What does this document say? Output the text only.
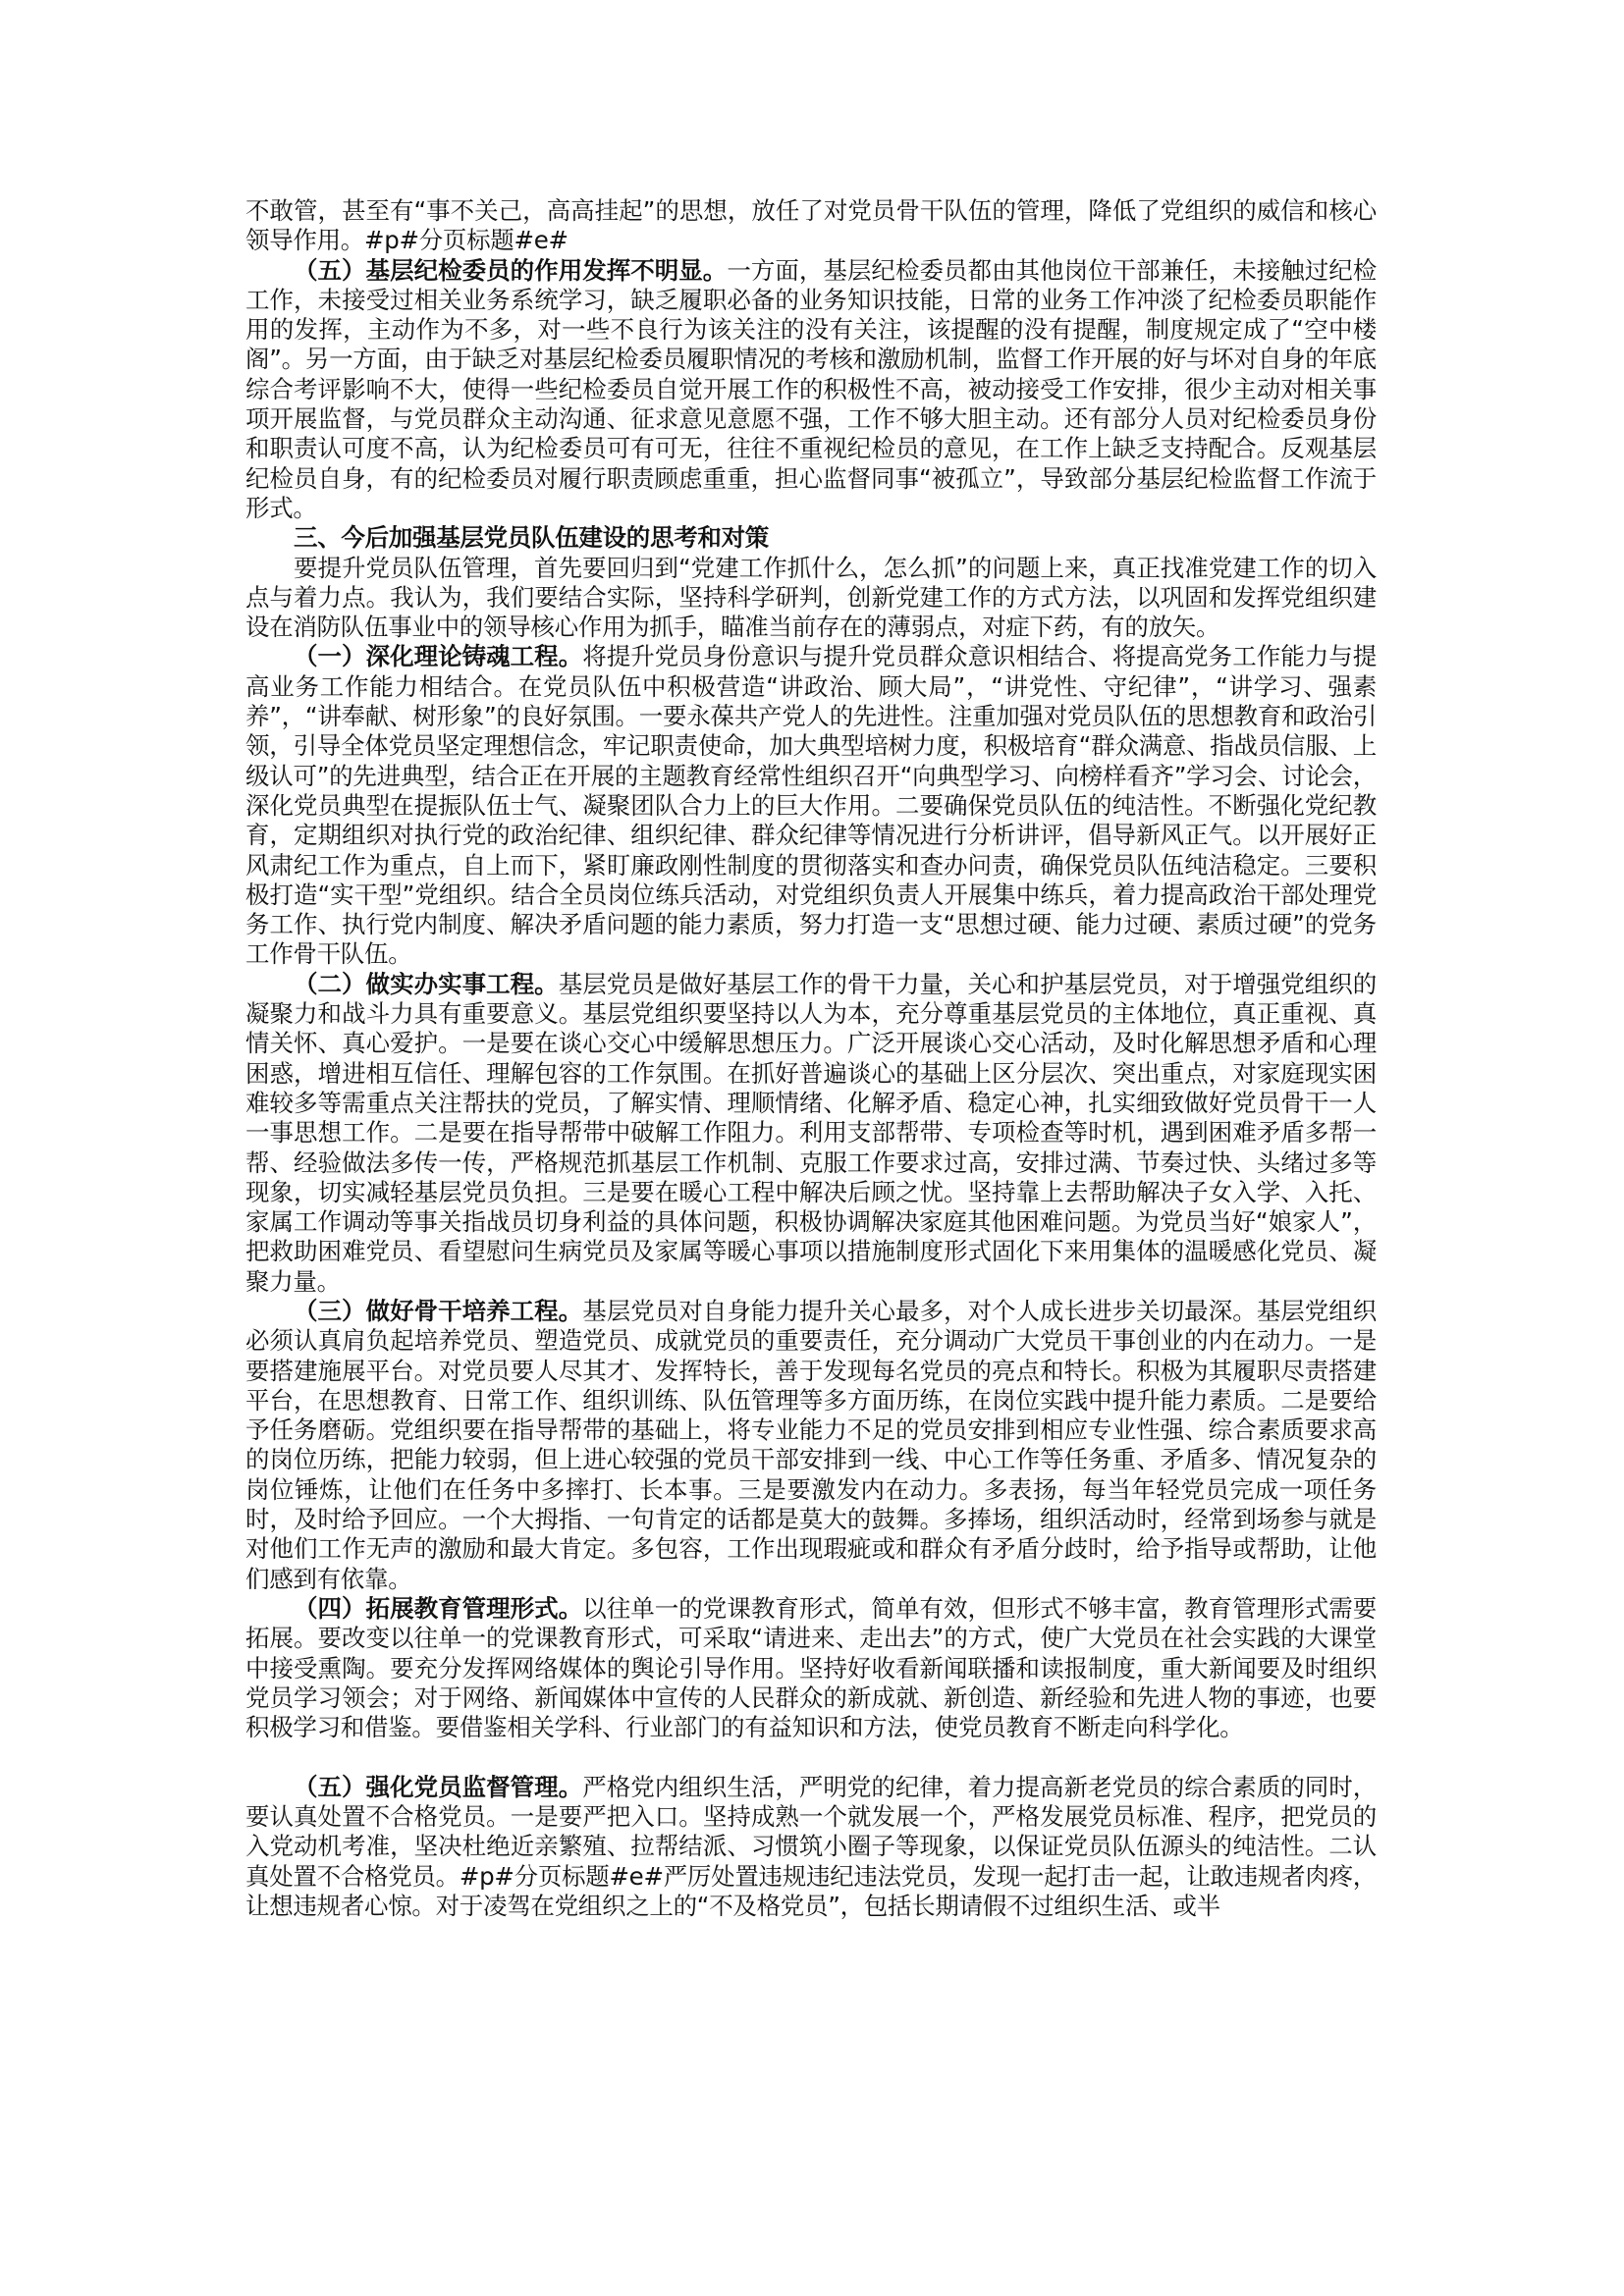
不敢管，甚至有“事不关己，高高挂起”的思想，放任了对党员骨干队伍的管理，降低了党组织的威信和核心领导作用。#p#分页标题#e#

（五）基层纪检委员的作用发挥不明显。一方面，基层纪检委员都由其他岗位干部兼任，未接触过纪检工作，未接受过相关业务系统学习，缺乏履职必备的业务知识技能，日常的业务工作冲淡了纪检委员职能作用的发挥，主动作为不多，对一些不良行为该关注的没有关注，该提醒的没有提醒，制度规定成了“空中楼阁”。另一方面，由于缺乏对基层纪检委员履职情况的考核和激励机制，监督工作开展的好与坏对自身的年底综合考评影响不大，使得一些纪检委员自觉开展工作的积极性不高，被动接受工作安排，很少主动对相关事项开展监督，与党员群众主动沟通、征求意见意愿不强，工作不够大胆主动。还有部分人员对纪检委员身份和职责认可度不高，认为纪检委员可有可无，往往不重视纪检员的意见，在工作上缺乏支持配合。反观基层纪检员自身，有的纪检委员对履行职责顾虑重重，担心监督同事“被孤立”，导致部分基层纪检监督工作流于形式。

三、今后加强基层党员队伍建设的思考和对策

要提升党员队伍管理，首先要回归到“党建工作抓什么，怎么抓”的问题上来，真正找准党建工作的切入点与着力点。我认为，我们要结合实际，坚持科学研判，创新党建工作的方式方法，以巩固和发挥党组织建设在消防队伍事业中的领导核心作用为抓手，瞄准当前存在的薄弱点，对症下药，有的放矢。

（一）深化理论铸魂工程。将提升党员身份意识与提升党员群众意识相结合、将提高党务工作能力与提高业务工作能力相结合。在党员队伍中积极营造“讲政治、顾大局”，“讲党性、守纪律”，“讲学习、强素养”，“讲奉献、树形象”的良好氛围。一要永葆共产党人的先进性。注重加强对党员队伍的思想教育和政治引领，引导全体党员坚定理想信念，牢记职责使命，加大典型培树力度，积极培育“群众满意、指战员信服、上级认可”的先进典型，结合正在开展的主题教育经常性组织召开“向典型学习、向榜样看齐”学习会、讨论会，深化党员典型在提振队伍士气、凝聚团队合力上的巨大作用。二要确保党员队伍的纯洁性。不断强化党纪教育，定期组织对执行党的政治纪律、组织纪律、群众纪律等情况进行分析讲评，倡导新风正气。以开展好正风肃纪工作为重点，自上而下，紧盯廉政刚性制度的贯彻落实和查办问责，确保党员队伍纯洁稳定。三要积极打造“实干型”党组织。结合全员岗位练兵活动，对党组织负责人开展集中练兵，着力提高政治干部处理党务工作、执行党内制度、解决矛盾问题的能力素质，努力打造一支“思想过硬、能力过硬、素质过硬”的党务工作骨干队伍。

（二）做实办实事工程。基层党员是做好基层工作的骨干力量，关心和护基层党员，对于增强党组织的凝聚力和战斗力具有重要意义。基层党组织要坚持以人为本，充分尊重基层党员的主体地位，真正重视、真情关怀、真心爱护。一是要在谈心交心中缓解思想压力。广泛开展谈心交心活动，及时化解思想矛盾和心理困惑，增进相互信任、理解包容的工作氛围。在抓好普遍谈心的基础上区分层次、突出重点，对家庭现实困难较多等需重点关注帮扶的党员，了解实情、理顺情绪、化解矛盾、稳定心神，扎实细致做好党员骨干一人一事思想工作。二是要在指导帮带中破解工作阻力。利用支部帮带、专项检查等时机，遇到困难矛盾多帮一帮、经验做法多传一传，严格规范抓基层工作机制、克服工作要求过高，安排过满、节奏过快、头绪过多等现象，切实减轻基层党员负担。三是要在暖心工程中解决后顾之忧。坚持靠上去帮助解决子女入学、入托、家属工作调动等事关指战员切身利益的具体问题，积极协调解决家庭其他困难问题。为党员当好“娘家人”，把救助困难党员、看望慰问生病党员及家属等暖心事项以措施制度形式固化下来用集体的温暖感化党员、凝聚力量。

（三）做好骨干培养工程。基层党员对自身能力提升关心最多，对个人成长进步关切最深。基层党组织必须认真肩负起培养党员、塑造党员、成就党员的重要责任，充分调动广大党员干事创业的内在动力。一是要搭建施展平台。对党员要人尽其才、发挥特长，善于发现每名党员的亮点和特长。积极为其履职尽责搭建平台，在思想教育、日常工作、组织训练、队伍管理等多方面历练，在岗位实践中提升能力素质。二是要给予任务磨砺。党组织要在指导帮带的基础上，将专业能力不足的党员安排到相应专业性强、综合素质要求高的岗位历练，把能力较弱，但上进心较强的党员干部安排到一线、中心工作等任务重、矛盾多、情况复杂的岗位锤炼，让他们在任务中多摔打、长本事。三是要激发内在动力。多表扬，每当年轻党员完成一项任务时，及时给予回应。一个大拇指、一句肯定的话都是莫大的鼓舞。多捧场，组织活动时，经常到场参与就是对他们工作无声的激励和最大肯定。多包容，工作出现瑕疵或和群众有矛盾分歧时，给予指导或帮助，让他们感到有依靠。

（四）拓展教育管理形式。以往单一的党课教育形式，简单有效，但形式不够丰富，教育管理形式需要拓展。要改变以往单一的党课教育形式，可采取“请进来、走出去”的方式，使广大党员在社会实践的大课堂中接受熏陶。要充分发挥网络媒体的舆论引导作用。坚持好收看新闻联播和读报制度，重大新闻要及时组织党员学习领会；对于网络、新闻媒体中宣传的人民群众的新成就、新创造、新经验和先进人物的事迹，也要积极学习和借鉴。要借鉴相关学科、行业部门的有益知识和方法，使党员教育不断走向科学化。

（五）强化党员监督管理。严格党内组织生活，严明党的纪律，着力提高新老党员的综合素质的同时，要认真处置不合格党员。一是要严把入口。坚持成熟一个就发展一个，严格发展党员标准、程序，把党员的入党动机考准，坚决杜绝近亲繁殖、拉帮结派、习惯筑小圈子等现象，以保证党员队伍源头的纯洁性。二认真处置不合格党员。#p#分页标题#e#严厉处置违规违纪违法党员，发现一起打击一起，让敢违规者肉疼，让想违规者心惊。对于凌驾在党组织之上的“不及格党员”，包括长期请假不过组织生活、或半
